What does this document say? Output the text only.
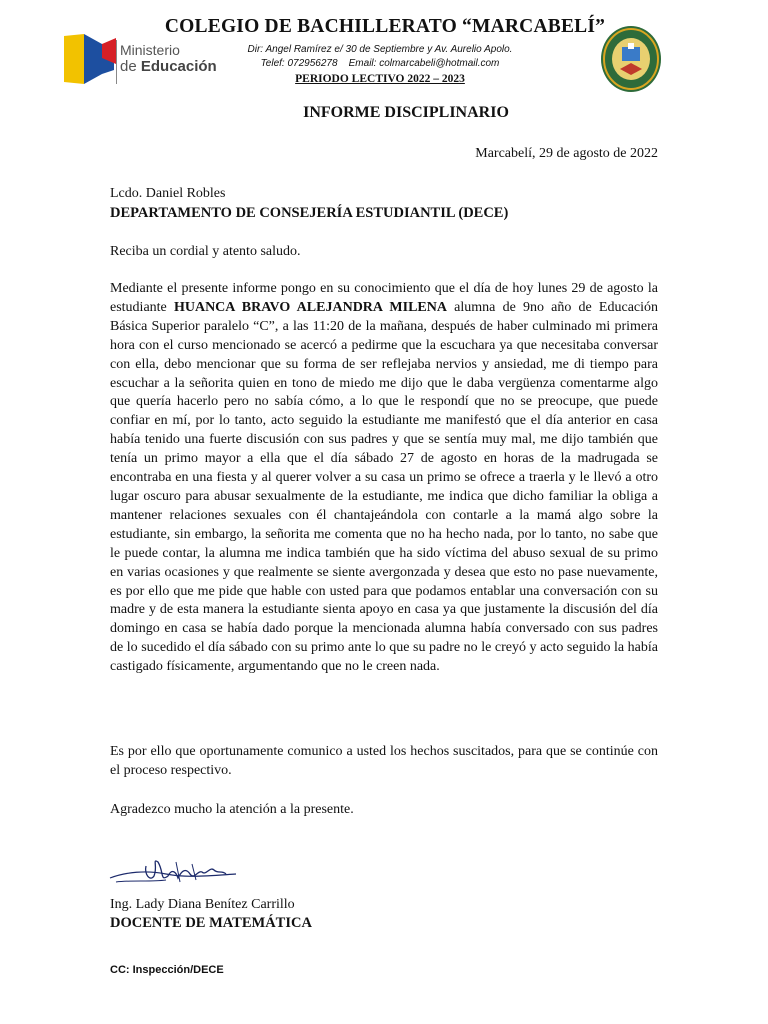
Ministerio
de Educación
COLEGIO DE BACHILLERATO “MARCABELÍ”
Dir: Angel Ramírez e/ 30 de Septiembre y Av. Aurelio Apolo.
Telef: 072956278    Email: colmarcabeli@hotmail.com
PERIODO LECTIVO 2022 – 2023
INFORME DISCIPLINARIO
Marcabelí, 29 de agosto de 2022
Lcdo. Daniel Robles
DEPARTAMENTO DE CONSEJERÍA ESTUDIANTIL (DECE)
Reciba un cordial y atento saludo.
Mediante el presente informe pongo en su conocimiento que el día de hoy lunes 29 de agosto la estudiante HUANCA BRAVO ALEJANDRA MILENA alumna de 9no año de Educación Básica Superior paralelo “C”, a las 11:20 de la mañana, después de haber culminado mi primera hora con el curso mencionado se acercó a pedirme que la escuchara ya que necesitaba conversar con ella, debo mencionar que su forma de ser reflejaba nervios y ansiedad, me di tiempo para escuchar a la señorita quien en tono de miedo me dijo que le daba vergüenza comentarme algo que quería hacerlo pero no sabía cómo, a lo que le respondí que no se preocupe, que puede confiar en mí, por lo tanto, acto seguido la estudiante me manifestó que el día anterior en casa había tenido una fuerte discusión con sus padres y que se sentía muy mal, me dijo también que tenía un primo mayor a ella que el día sábado 27 de agosto en horas de la madrugada se encontraba en una fiesta y al querer volver a su casa un primo se ofrece a traerla y le llevó a otro lugar oscuro para abusar sexualmente de la estudiante, me indica que dicho familiar la obliga a mantener relaciones sexuales con él chantajeándola con contarle a la mamá algo sobre la estudiante, sin embargo, la señorita me comenta que no ha hecho nada, por lo tanto, no sabe que le puede contar, la alumna me indica también que ha sido víctima del abuso sexual de su primo en varias ocasiones y que realmente se siente avergonzada y desea que esto no pase nuevamente, es por ello que me pide que hable con usted para que podamos entablar una conversación con su madre y de esta manera la estudiante sienta apoyo en casa ya que justamente la discusión del día domingo en casa se había dado porque la mencionada alumna había conversado con sus padres de lo sucedido el día sábado con su primo ante lo que su padre no le creyó y acto seguido la había castigado físicamente, argumentando que no le creen nada.
Es por ello que oportunamente comunico a usted los hechos suscitados, para que se continúe con el proceso respectivo.
Agradezco mucho la atención a la presente.
Ing. Lady Diana Benítez Carrillo
DOCENTE DE MATEMÁTICA
CC: Inspección/DECE
